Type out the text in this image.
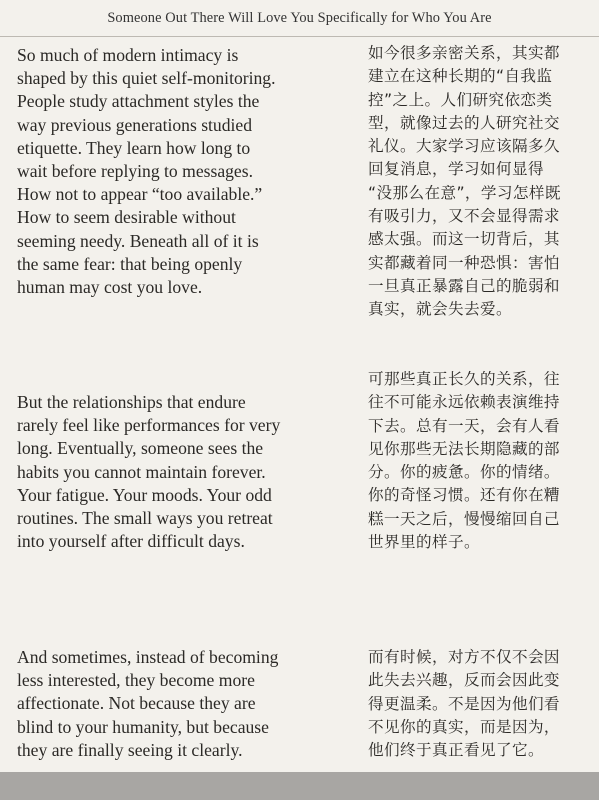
Someone Out There Will Love You Specifically for Who You Are
So much of modern intimacy is
shaped by this quiet self-monitoring.
People study attachment styles the
way previous generations studied
etiquette. They learn how long to
wait before replying to messages.
How not to appear “too available.”
How to seem desirable without
seeming needy. Beneath all of it is
the same fear: that being openly
human may cost you love.
如今很多亲密关系，其实都
建立在这种长期的“自我监
控”之上。人们研究依恋类
型，就像过去的人研究社交
礼仪。大家学习应该隔多久
回复消息，学习如何显得
“没那么在意”，学习怎样既
有吸引力，又不会显得需求
感太强。而这一切背后，其
实都藏着同一种恐惧：害怕
一旦真正暴露自己的脆弱和
真实，就会失去爱。
But the relationships that endure
rarely feel like performances for very
long. Eventually, someone sees the
habits you cannot maintain forever.
Your fatigue. Your moods. Your odd
routines. The small ways you retreat
into yourself after difficult days.
可那些真正长久的关系，往
往不可能永远依赖表演维持
下去。总有一天，会有人看
见你那些无法长期隐藏的部
分。你的疲惫。你的情绪。
你的奇怪习惯。还有你在糟
糕一天之后，慢慢缩回自己
世界里的样子。
And sometimes, instead of becoming
less interested, they become more
affectionate. Not because they are
blind to your humanity, but because
they are finally seeing it clearly.
而有时候，对方不仅不会因
此失去兴趣，反而会因此变
得更温柔。不是因为他们看
不见你的真实，而是因为，
他们终于真正看见了它。
